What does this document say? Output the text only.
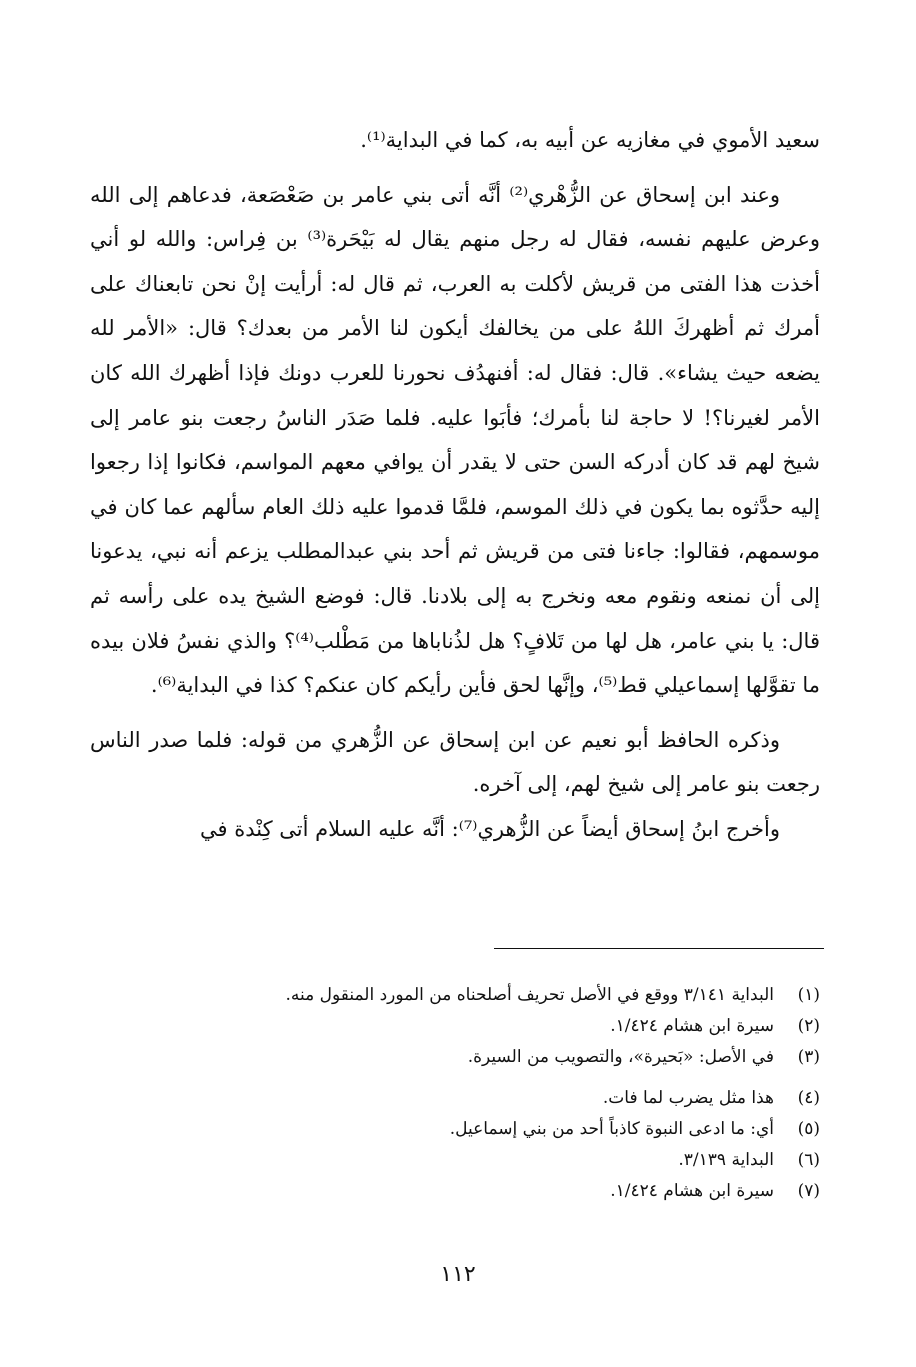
سعيد الأموي في مغازيه عن أبيه به، كما في البداية⁽¹⁾.

وعند ابن إسحاق عن الزُّهْري⁽²⁾ أنَّه أتى بني عامر بن صَعْصَعة، فدعاهم إلى الله وعرض عليهم نفسه، فقال له رجل منهم يقال له بَيْحَرة⁽³⁾ بن فِراس: والله لو أني أخذت هذا الفتى من قريش لأكلت به العرب، ثم قال له: أرأيت إنْ نحن تابعناك على أمرك ثم أظهركَ اللهُ على من يخالفك أيكون لنا الأمر من بعدك؟ قال: «الأمر لله يضعه حيث يشاء». قال: فقال له: أفنهدُف نحورنا للعرب دونك فإذا أظهرك الله كان الأمر لغيرنا؟! لا حاجة لنا بأمرك؛ فأبَوا عليه. فلما صَدَر الناسُ رجعت بنو عامر إلى شيخ لهم قد كان أدركه السن حتى لا يقدر أن يوافي معهم المواسم، فكانوا إذا رجعوا إليه حدَّثوه بما يكون في ذلك الموسم، فلمَّا قدموا عليه ذلك العام سألهم عما كان في موسمهم، فقالوا: جاءنا فتى من قريش ثم أحد بني عبدالمطلب يزعم أنه نبي، يدعونا إلى أن نمنعه ونقوم معه ونخرج به إلى بلادنا. قال: فوضع الشيخ يده على رأسه ثم قال: يا بني عامر، هل لها من تَلافٍ؟ هل لذُناباها من مَطْلب⁽⁴⁾؟ والذي نفسُ فلان بيده ما تقوَّلها إسماعيلي قط⁽⁵⁾، وإنَّها لحق فأين رأيكم كان عنكم؟ كذا في البداية⁽⁶⁾.

وذكره الحافظ أبو نعيم عن ابن إسحاق عن الزُّهري من قوله: فلما صدر الناس رجعت بنو عامر إلى شيخ لهم، إلى آخره.

وأخرج ابنُ إسحاق أيضاً عن الزُّهري⁽⁷⁾: أنَّه عليه السلام أتى كِنْدة في

(١)
البداية ٣/١٤١ ووقع في الأصل تحريف أصلحناه من المورد المنقول منه.
(٢)
سيرة ابن هشام ١/٤٢٤.
(٣)
في الأصل: «بَحيرة»، والتصويب من السيرة.
(٤)
هذا مثل يضرب لما فات.
(٥)
أي: ما ادعى النبوة كاذباً أحد من بني إسماعيل.
(٦)
البداية ٣/١٣٩.
(٧)
سيرة ابن هشام ١/٤٢٤.
١١٢
